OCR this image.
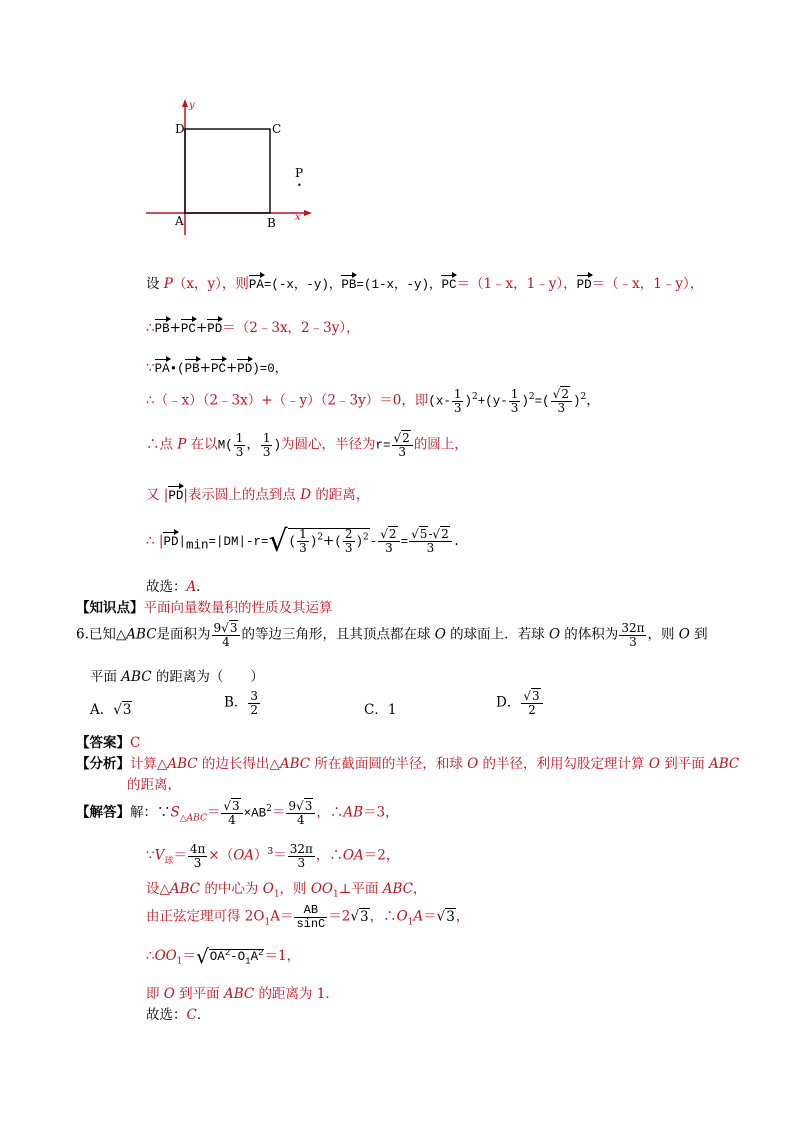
y
x
D	C
A	B
P
•
设 P（x，y），则PA=(-x，-y)，PB=(1-x，-y)，PC＝（1﹣x，1﹣y），PD＝（﹣x，1﹣y），
∴PB+PC+PD＝（2﹣3x，2﹣3y），
∵PA•(PB+PC+PD)=0，
∴（﹣x）（2﹣3x）+（﹣y）（2﹣3y）＝0，即$(x- \frac{1}{3} )^2+(y- \frac{1}{3} )^2=( \frac{√2}{3} )^2$，
∴点 P 在以$M( \frac{1}{3}$ ， $\frac{1}{3}$ )为圆心，半径为$r= \frac{√2}{3}$ 的圆上，
又 |PD|表示圆上的点到点 D 的距离，
∴ $|PD|_{min}=|DM|-r=√( \frac{1}{3} )^2+( \frac{2}{3} )^2- \frac{√2}{3} = \frac{√5-√2}{3}$ .
故选：A．
【知识点】平面向量数量积的性质及其运算
6.已知△ABC是面积为 $\frac{9√3}{4}$ 的等边三角形，且其顶点都在球 O 的球面上．若球 O 的体积为 $\frac{32\pi}{3}$ ，则 O 到
平面 ABC 的距离为（　　）
A．√3	B． $\frac{3}{2}$	C．1	D． $\frac{√3}{2}$
【答案】C
【分析】计算△ABC 的边长得出△ABC 所在截面圆的半径，和球 O 的半径，利用勾股定理计算 O 到平面 ABC
的距离，
【解答】解：$\because S_{\triangle ABC}= \frac{√3}{4} \times AB^2= \frac{9√3}{4}$ ，∴AB＝3，
$\because V_球= \frac{4\pi}{3} \times(OA)^3= \frac{32\pi}{3}$ ，∴OA＝2，
设△ABC 的中心为 $O_1$，则 $OO_1\perp$平面 ABC，
由正弦定理可得 $2O_1A= \frac{AB}{\sin C} =2√3$，$\therefore O_1A=√3$，
$\therefore OO_1=√OA^2-O_1A^2=1$，
即 O 到平面 ABC 的距离为 1．
故选：C．
